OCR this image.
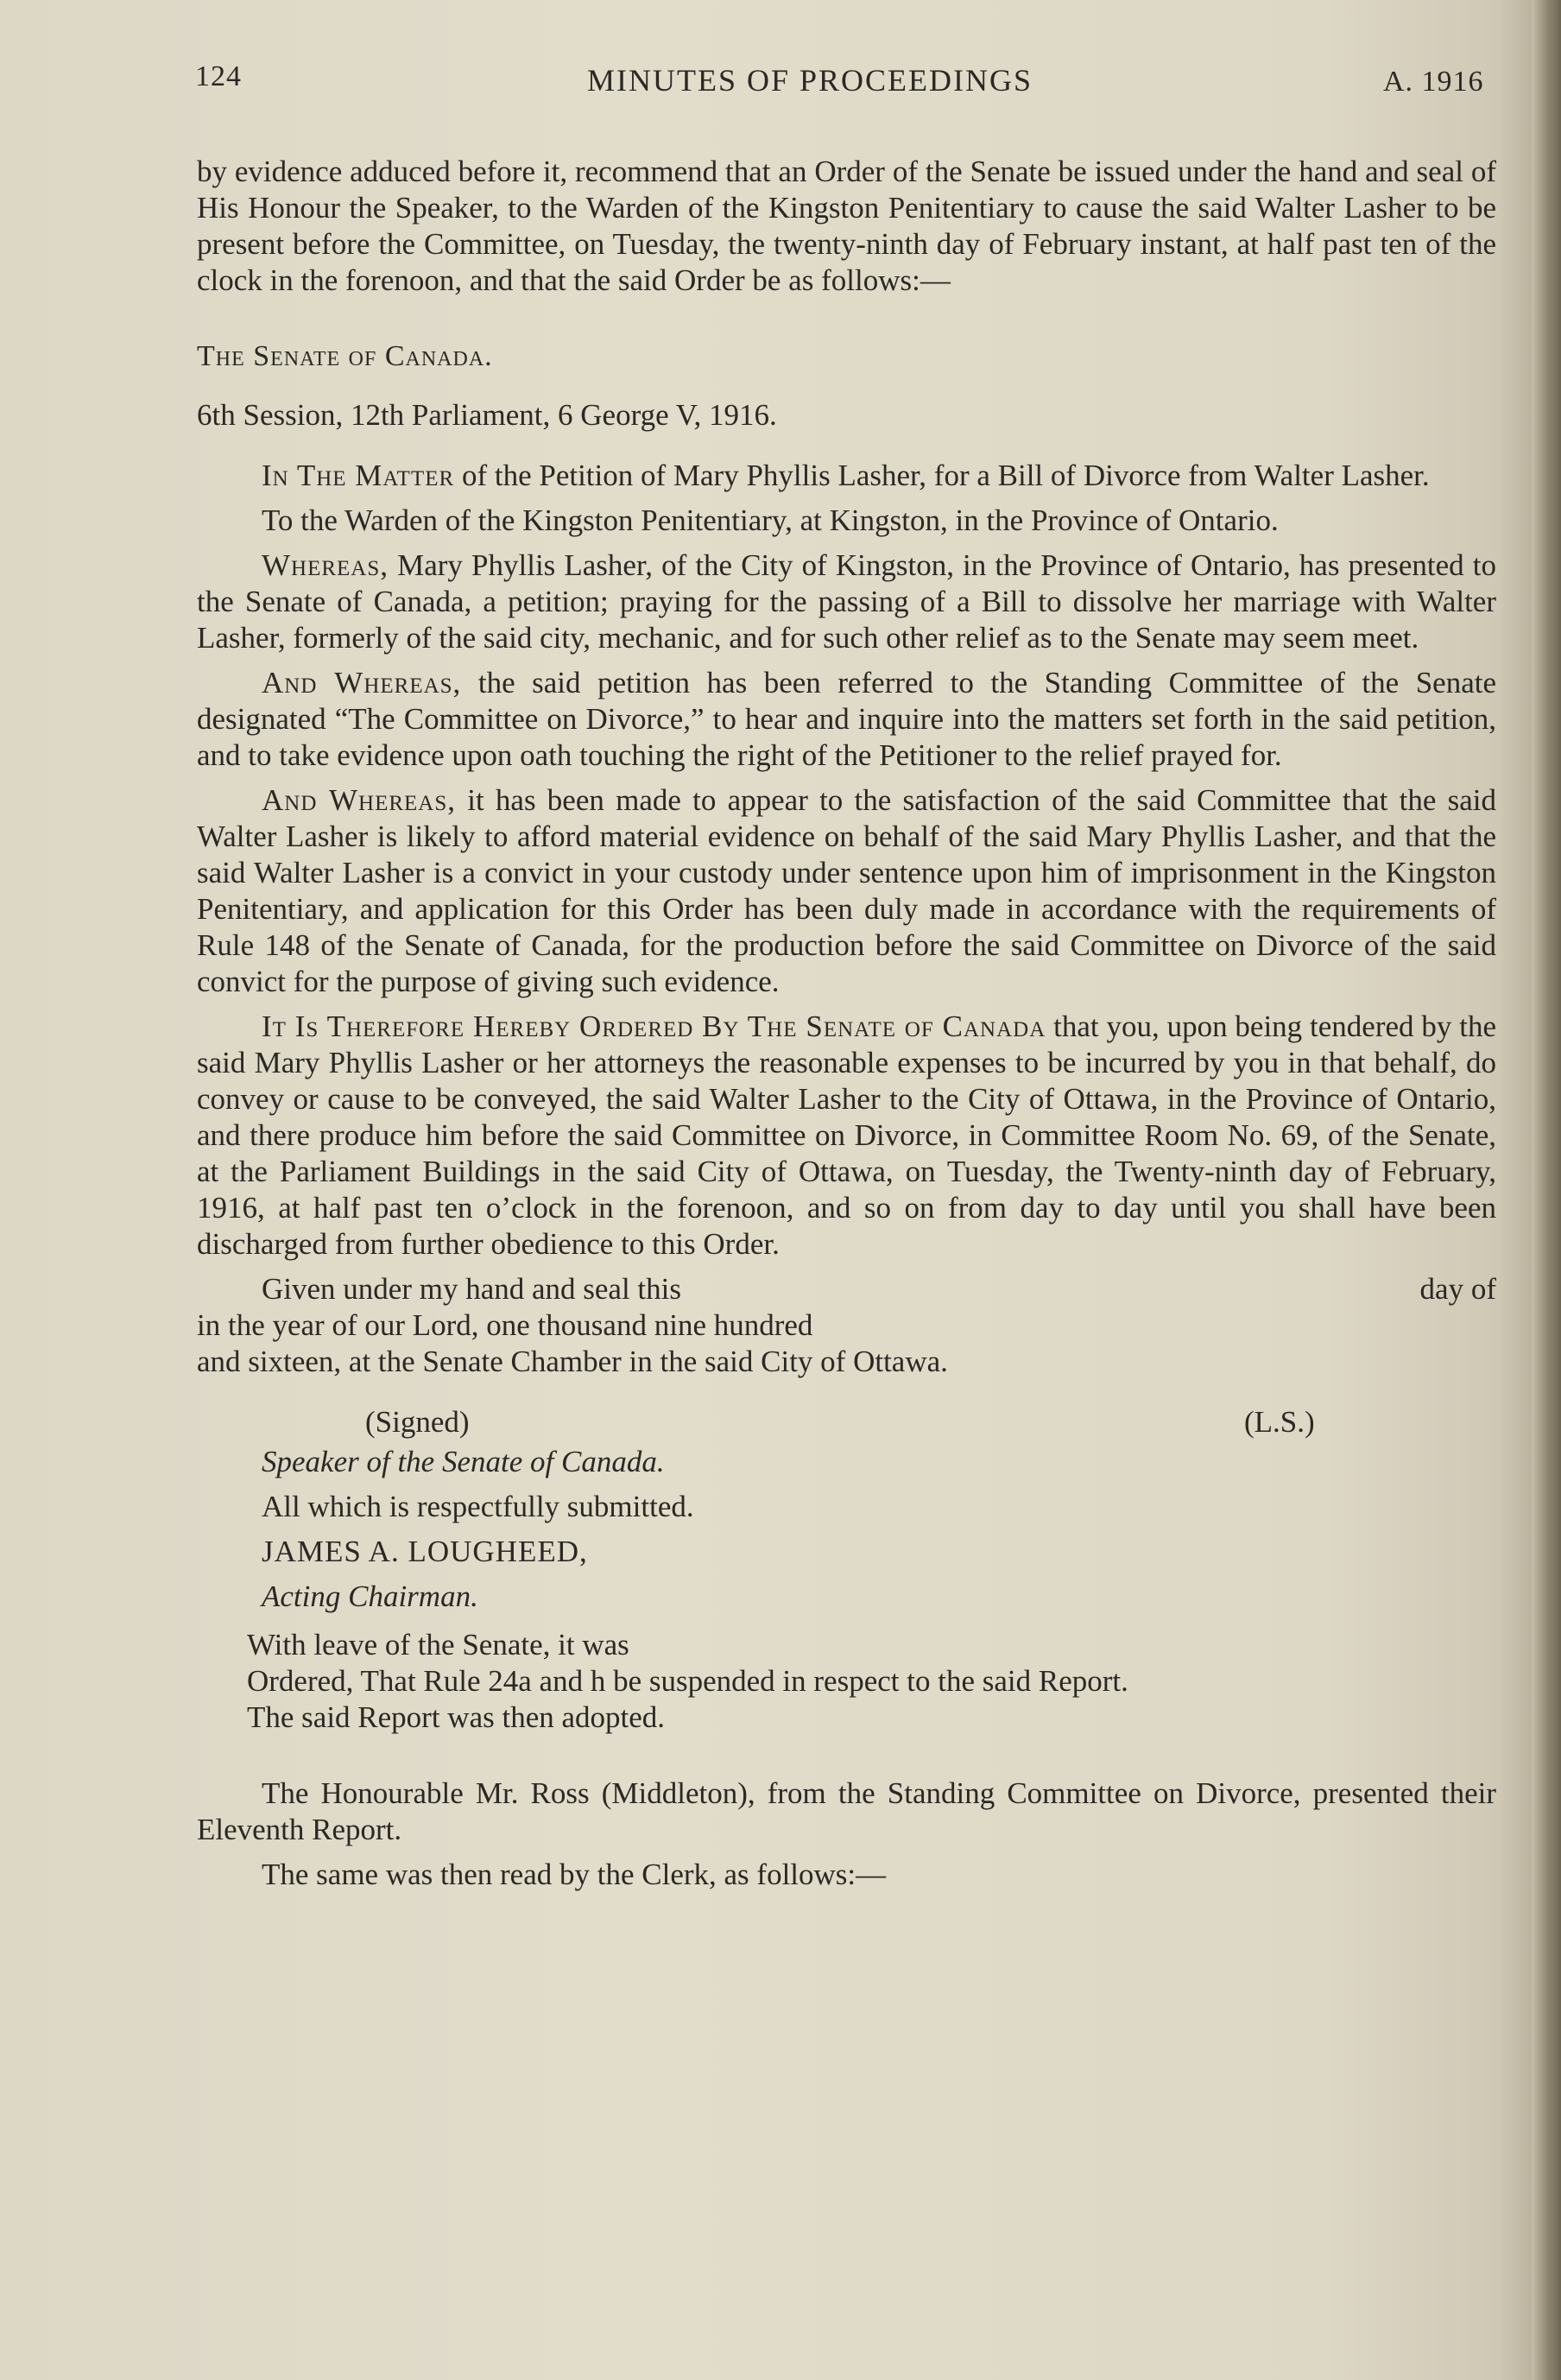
124	MINUTES OF PROCEEDINGS	A. 1916

by evidence adduced before it, recommend that an Order of the Senate be issued under the hand and seal of His Honour the Speaker, to the Warden of the Kingston Penitentiary to cause the said Walter Lasher to be present before the Committee, on Tuesday, the twenty-ninth day of February instant, at half past ten of the clock in the forenoon, and that the said Order be as follows:—

The Senate of Canada.

6th Session, 12th Parliament, 6 George V, 1916.

In The Matter of the Petition of Mary Phyllis Lasher, for a Bill of Divorce from Walter Lasher.

To the Warden of the Kingston Penitentiary, at Kingston, in the Province of Ontario.

Whereas, Mary Phyllis Lasher, of the City of Kingston, in the Province of Ontario, has presented to the Senate of Canada, a petition; praying for the passing of a Bill to dissolve her marriage with Walter Lasher, formerly of the said city, mechanic, and for such other relief as to the Senate may seem meet.

And Whereas, the said petition has been referred to the Standing Committee of the Senate designated “The Committee on Divorce,” to hear and inquire into the matters set forth in the said petition, and to take evidence upon oath touching the right of the Petitioner to the relief prayed for.

And Whereas, it has been made to appear to the satisfaction of the said Committee that the said Walter Lasher is likely to afford material evidence on behalf of the said Mary Phyllis Lasher, and that the said Walter Lasher is a convict in your custody under sentence upon him of imprisonment in the Kingston Penitentiary, and application for this Order has been duly made in accordance with the requirements of Rule 148 of the Senate of Canada, for the production before the said Committee on Divorce of the said convict for the purpose of giving such evidence.

It Is Therefore Hereby Ordered By The Senate of Canada that you, upon being tendered by the said Mary Phyllis Lasher or her attorneys the reasonable expenses to be incurred by you in that behalf, do convey or cause to be conveyed, the said Walter Lasher to the City of Ottawa, in the Province of Ontario, and there produce him before the said Committee on Divorce, in Committee Room No. 69, of the Senate, at the Parliament Buildings in the said City of Ottawa, on Tuesday, the Twenty-ninth day of February, 1916, at half past ten o’clock in the forenoon, and so on from day to day until you shall have been discharged from further obedience to this Order.

Given under my hand and seal this	day of

in the year of our Lord, one thousand nine hundred

and sixteen, at the Senate Chamber in the said City of Ottawa.

(Signed)	(L.S.)

Speaker of the Senate of Canada.

All which is respectfully submitted.

JAMES A. LOUGHEED,

Acting Chairman.

With leave of the Senate, it was
Ordered, That Rule 24a and h be suspended in respect to the said Report.
The said Report was then adopted.

The Honourable Mr. Ross (Middleton), from the Standing Committee on Divorce, presented their Eleventh Report.

The same was then read by the Clerk, as follows:—
